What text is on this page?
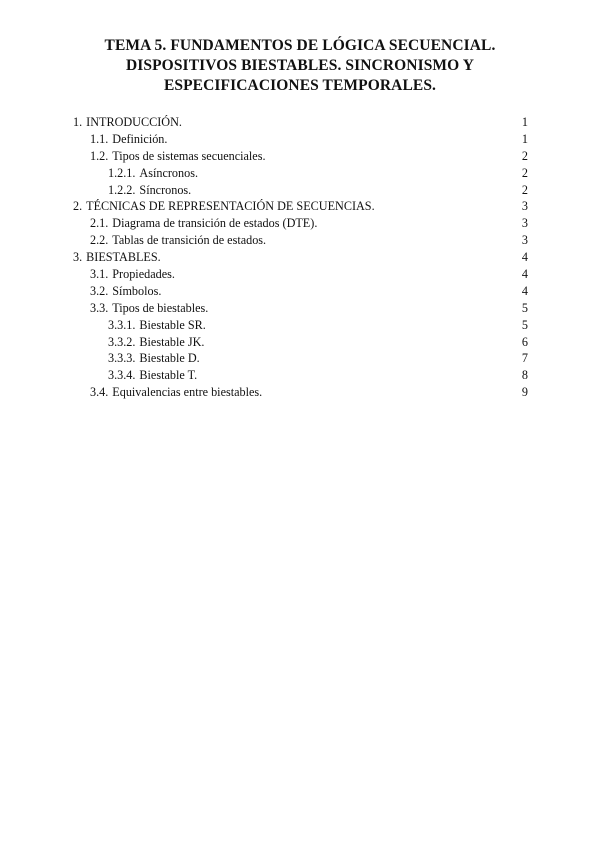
TEMA 5. FUNDAMENTOS DE LÓGICA SECUENCIAL.
DISPOSITIVOS BIESTABLES. SINCRONISMO Y
ESPECIFICACIONES TEMPORALES.
1. INTRODUCCIÓN.	1
1.1. Definición.	1
1.2. Tipos de sistemas secuenciales.	2
1.2.1. Asíncronos.	2
1.2.2. Síncronos.	2
2. TÉCNICAS DE REPRESENTACIÓN DE SECUENCIAS.	3
2.1. Diagrama de transición de estados (DTE).	3
2.2. Tablas de transición de estados.	3
3. BIESTABLES.	4
3.1. Propiedades.	4
3.2. Símbolos.	4
3.3. Tipos de biestables.	5
3.3.1. Biestable SR.	5
3.3.2. Biestable JK.	6
3.3.3. Biestable D.	7
3.3.4. Biestable T.	8
3.4. Equivalencias entre biestables.	9
